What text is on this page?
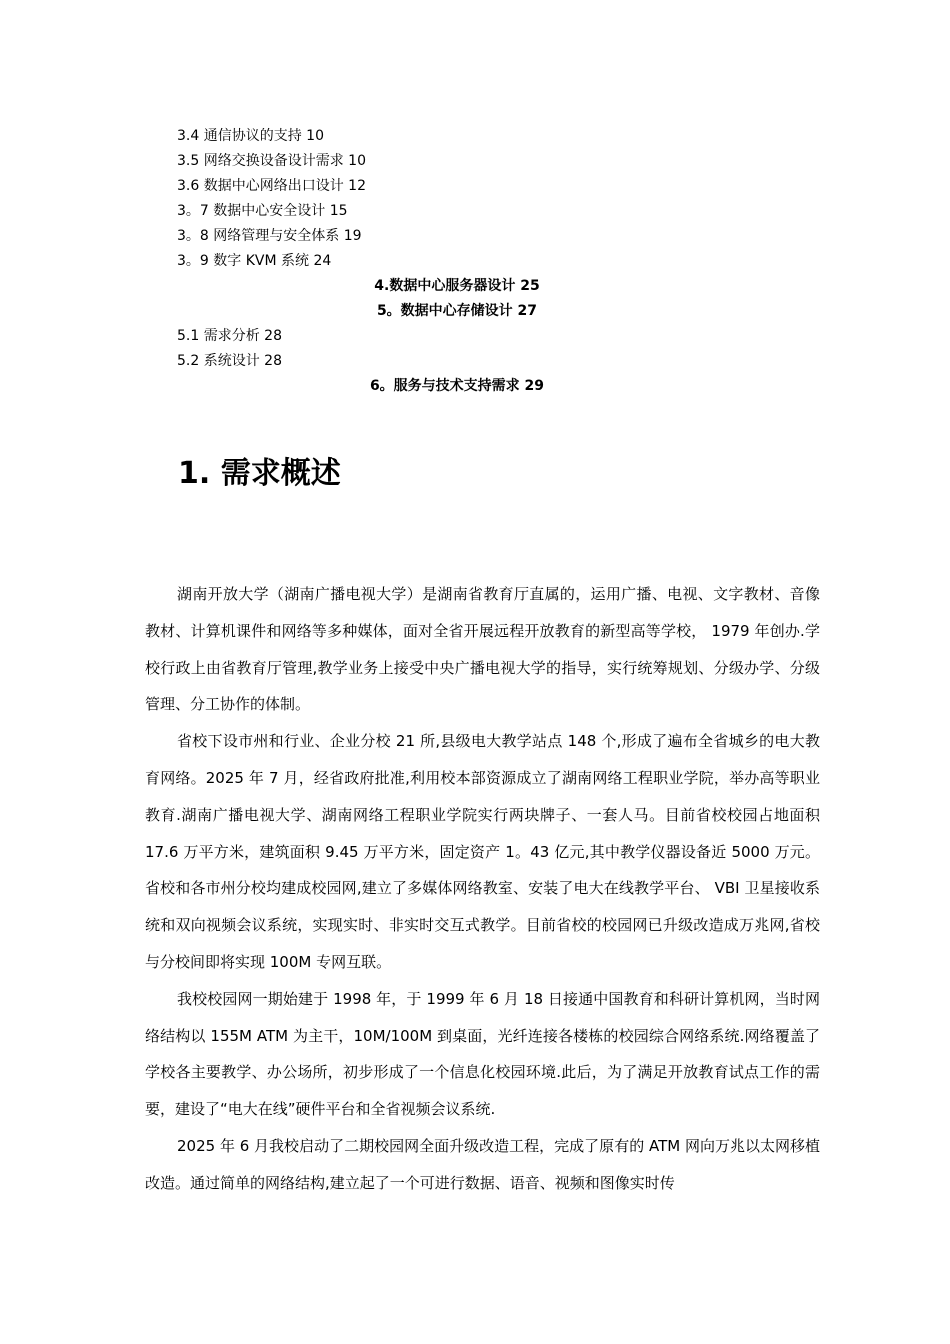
3.4 通信协议的支持 10
3.5 网络交换设备设计需求 10
3.6 数据中心网络出口设计 12
3。7 数据中心安全设计 15
3。8 网络管理与安全体系 19
3。9 数字 KVM 系统 24
4.数据中心服务器设计 25
5。数据中心存储设计 27
5.1 需求分析 28
5.2 系统设计 28
6。服务与技术支持需求 29
1. 需求概述

湖南开放大学（湖南广播电视大学）是湖南省教育厅直属的，运用广播、电视、文字教材、音像教材、计算机课件和网络等多种媒体，面对全省开展远程开放教育的新型高等学校， 1979 年创办.学校行政上由省教育厅管理,教学业务上接受中央广播电视大学的指导，实行统筹规划、分级办学、分级管理、分工协作的体制。

省校下设市州和行业、企业分校 21 所,县级电大教学站点 148 个,形成了遍布全省城乡的电大教育网络。2025 年 7 月，经省政府批准,利用校本部资源成立了湖南网络工程职业学院，举办高等职业教育.湖南广播电视大学、湖南网络工程职业学院实行两块牌子、一套人马。目前省校校园占地面积 17.6 万平方米，建筑面积 9.45 万平方米，固定资产 1。43 亿元,其中教学仪器设备近 5000 万元。省校和各市州分校均建成校园网,建立了多媒体网络教室、安装了电大在线教学平台、 VBI 卫星接收系统和双向视频会议系统，实现实时、非实时交互式教学。目前省校的校园网已升级改造成万兆网,省校与分校间即将实现 100M 专网互联。

我校校园网一期始建于 1998 年，于 1999 年 6 月 18 日接通中国教育和科研计算机网，当时网络结构以 155M ATM 为主干，10M/100M 到桌面，光纤连接各楼栋的校园综合网络系统.网络覆盖了学校各主要教学、办公场所，初步形成了一个信息化校园环境.此后，为了满足开放教育试点工作的需要，建设了“电大在线”硬件平台和全省视频会议系统.

2025 年 6 月我校启动了二期校园网全面升级改造工程，完成了原有的 ATM 网向万兆以太网移植改造。通过简单的网络结构,建立起了一个可进行数据、语音、视频和图像实时传
